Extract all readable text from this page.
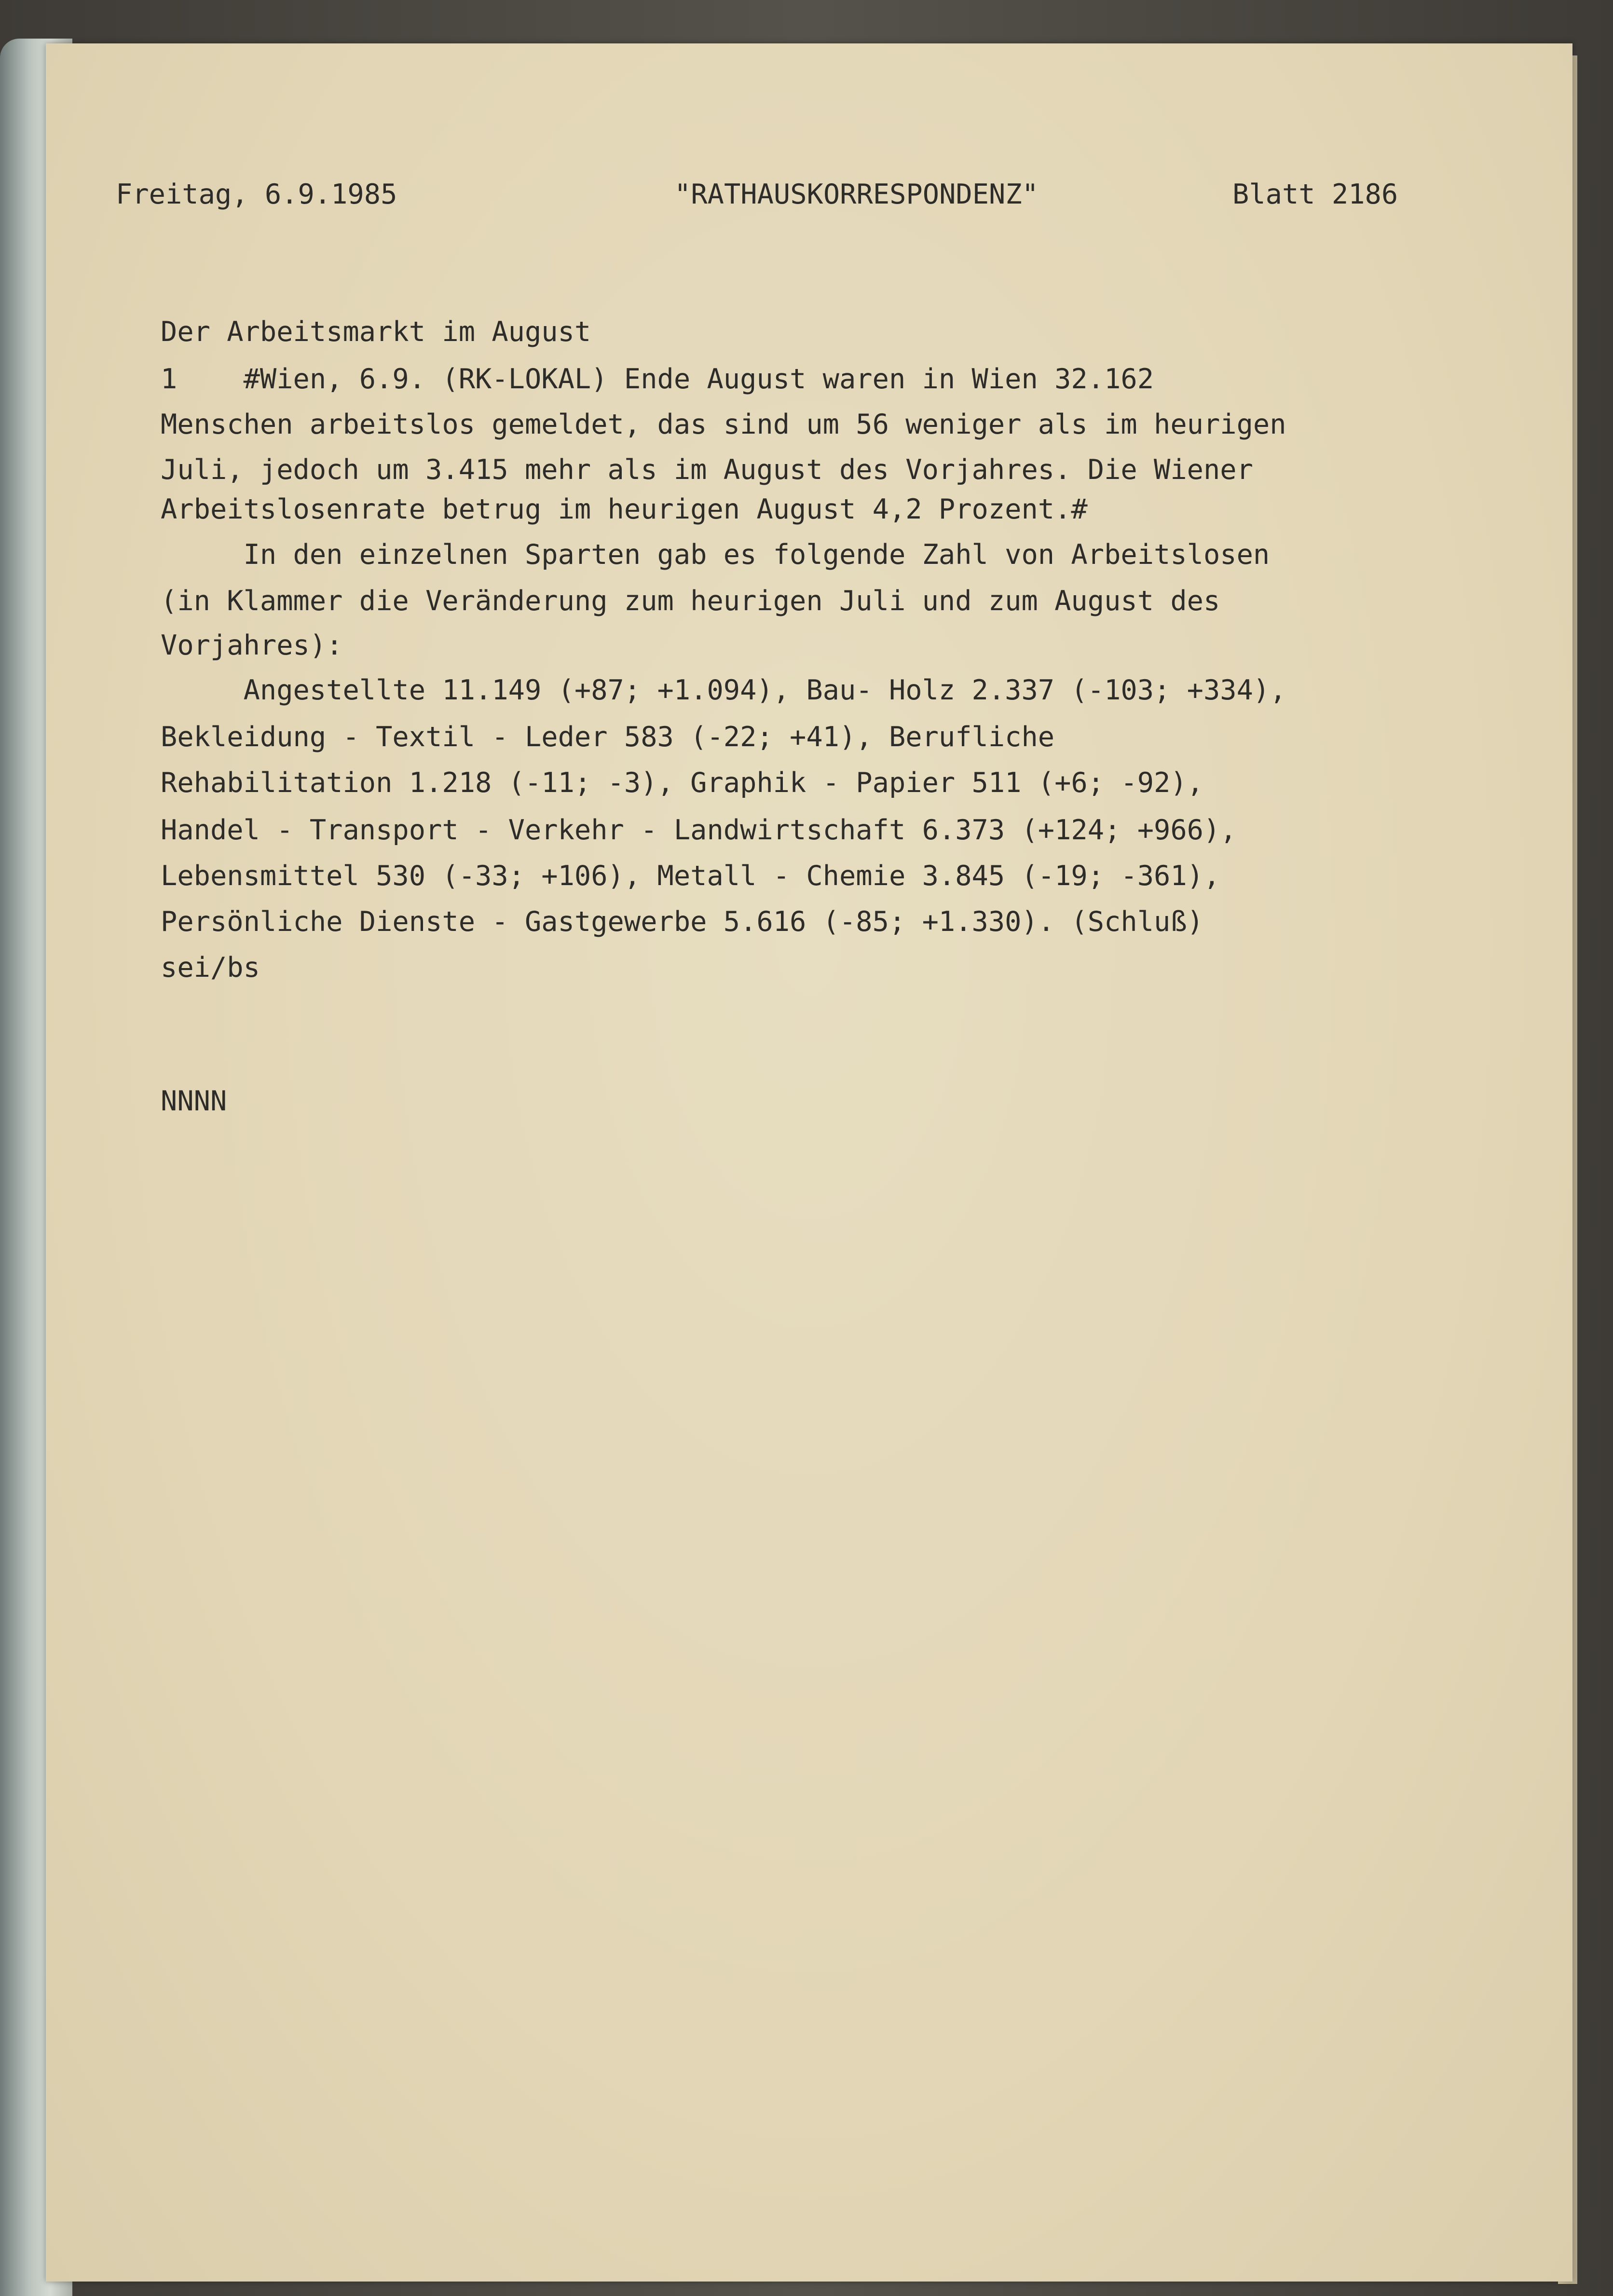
Freitag, 6.9.1985	"RATHAUSKORRESPONDENZ"	Blatt 2186
Der Arbeitsmarkt im August
1    #Wien, 6.9. (RK-LOKAL) Ende August waren in Wien 32.162
Menschen arbeitslos gemeldet, das sind um 56 weniger als im heurigen
Juli, jedoch um 3.415 mehr als im August des Vorjahres. Die Wiener
Arbeitslosenrate betrug im heurigen August 4,2 Prozent.#
In den einzelnen Sparten gab es folgende Zahl von Arbeitslosen
(in Klammer die Veränderung zum heurigen Juli und zum August des
Vorjahres):
Angestellte 11.149 (+87; +1.094), Bau- Holz 2.337 (-103; +334),
Bekleidung - Textil - Leder 583 (-22; +41), Berufliche
Rehabilitation 1.218 (-11; -3), Graphik - Papier 511 (+6; -92),
Handel - Transport - Verkehr - Landwirtschaft 6.373 (+124; +966),
Lebensmittel 530 (-33; +106), Metall - Chemie 3.845 (-19; -361),
Persönliche Dienste - Gastgewerbe 5.616 (-85; +1.330). (Schluß)
sei/bs
NNNN
